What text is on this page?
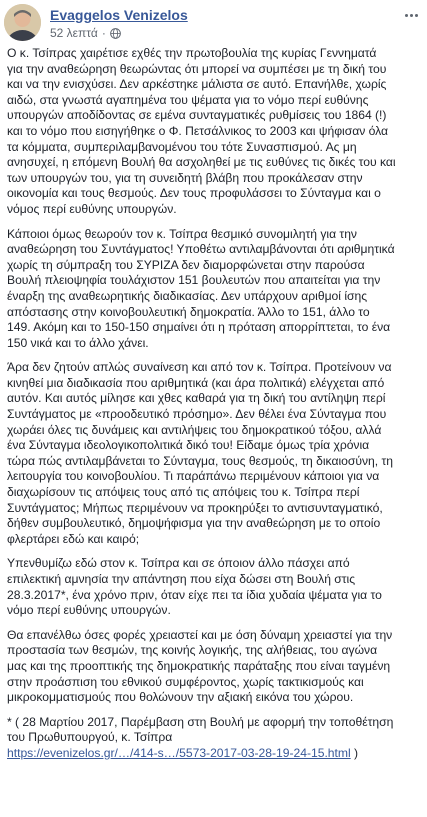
Evaggelos Venizelos
52 λεπτά ·

Ο κ. Τσίπρας χαιρέτισε εχθές την πρωτοβουλία της κυρίας Γεννηματά
για την αναθεώρηση θεωρώντας ότι μπορεί να συμπέσει με τη δική του
και να την ενισχύσει. Δεν αρκέστηκε μάλιστα σε αυτό. Επανήλθε, χωρίς
αιδώ, στα γνωστά αγαπημένα του ψέματα για το νόμο περί ευθύνης
υπουργών αποδίδοντας σε εμένα συνταγματικές ρυθμίσεις του 1864 (!)
και το νόμο που εισηγήθηκε ο Φ. Πετσάλνικος το 2003 και ψήφισαν όλα
τα κόμματα, συμπεριλαμβανομένου του τότε Συνασπισμού. Ας μη
ανησυχεί, η επόμενη Βουλή θα ασχοληθεί με τις ευθύνες τις δικές του και
των υπουργών του, για τη συνειδητή βλάβη που προκάλεσαν στην
οικονομία και τους θεσμούς. Δεν τους προφυλάσσει το Σύνταγμα και ο
νόμος περί ευθύνης υπουργών.

Κάποιοι όμως θεωρούν τον κ. Τσίπρα θεσμικό συνομιλητή για την
αναθεώρηση του Συντάγματος! Υποθέτω αντιλαμβάνονται ότι αριθμητικά
χωρίς τη σύμπραξη του ΣΥΡΙΖΑ δεν διαμορφώνεται στην παρούσα
Βουλή πλειοψηφία τουλάχιστον 151 βουλευτών που απαιτείται για την
έναρξη της αναθεωρητικής διαδικασίας. Δεν υπάρχουν αριθμοί ίσης
απόστασης στην κοινοβουλευτική δημοκρατία. Άλλο το 151, άλλο το
149. Ακόμη και το 150-150 σημαίνει ότι η πρόταση απορρίπτεται, το ένα
150 νικά και το άλλο χάνει.

Άρα δεν ζητούν απλώς συναίνεση και από τον κ. Τσίπρα. Προτείνουν να
κινηθεί μια διαδικασία που αριθμητικά (και άρα πολιτικά) ελέγχεται από
αυτόν. Και αυτός μίλησε και χθες καθαρά για τη δική του αντίληψη περί
Συντάγματος με «προοδευτικό πρόσημο». Δεν θέλει ένα Σύνταγμα που
χωράει όλες τις δυνάμεις και αντιλήψεις του δημοκρατικού τόξου, αλλά
ένα Σύνταγμα ιδεολογικοπολιτικά δικό του! Είδαμε όμως τρία χρόνια
τώρα πώς αντιλαμβάνεται το Σύνταγμα, τους θεσμούς, τη δικαιοσύνη, τη
λειτουργία του κοινοβουλίου. Τι παράπάνω περιμένουν κάποιοι για να
διαχωρίσουν τις απόψεις τους από τις απόψεις του κ. Τσίπρα περί
Συντάγματος; Μήπως περιμένουν να προκηρύξει το αντισυνταγματικό,
δήθεν συμβουλευτικό, δημοψήφισμα για την αναθεώρηση με το οποίο
φλερτάρει εδώ και καιρό;

Υπενθυμίζω εδώ στον κ. Τσίπρα και σε όποιον άλλο πάσχει από
επιλεκτική αμνησία την απάντηση που είχα δώσει στη Βουλή στις
28.3.2017*, ένα χρόνο πριν, όταν είχε πει τα ίδια χυδαία ψέματα για το
νόμο περί ευθύνης υπουργών.

Θα επανέλθω όσες φορές χρειαστεί και με όση δύναμη χρειαστεί για την
προστασία των θεσμών, της κοινής λογικής, της αλήθειας, του αγώνα
μας και της προοπτικής της δημοκρατικής παράταξης που είναι ταγμένη
στην προάσπιση του εθνικού συμφέροντος, χωρίς τακτικισμούς και
μικροκομματισμούς που θολώνουν την αξιακή εικόνα του χώρου.

* ( 28 Μαρτίου 2017, Παρέμβαση στη Βουλή με αφορμή την τοποθέτηση
του Πρωθυπουργού, κ. Τσίπρα
https://evenizelos.gr/…/414-s…/5573-2017-03-28-19-24-15.html )
